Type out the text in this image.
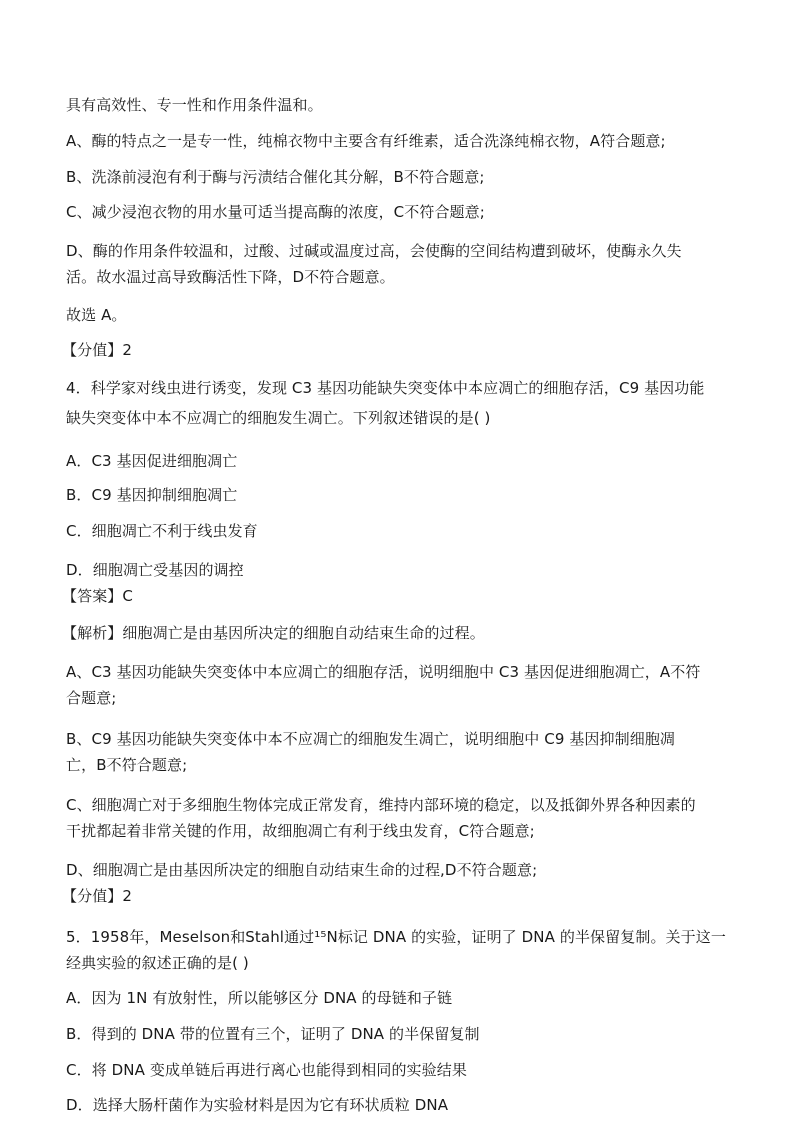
具有高效性、专一性和作用条件温和。
A、酶的特点之一是专一性，纯棉衣物中主要含有纤维素，适合洗涤纯棉衣物，A符合题意;
B、洗涤前浸泡有利于酶与污渍结合催化其分解，B不符合题意;
C、减少浸泡衣物的用水量可适当提高酶的浓度，C不符合题意;
D、酶的作用条件较温和，过酸、过碱或温度过高，会使酶的空间结构遭到破坏，使酶永久失
活。故水温过高导致酶活性下降，D不符合题意。
故选 A。
【分值】2
4．科学家对线虫进行诱变，发现 C3 基因功能缺失突变体中本应凋亡的细胞存活，C9 基因功能
缺失突变体中本不应凋亡的细胞发生凋亡。下列叙述错误的是( )
A．C3 基因促进细胞凋亡
B．C9 基因抑制细胞凋亡
C．细胞凋亡不利于线虫发育
D．细胞凋亡受基因的调控
【答案】C
【解析】细胞凋亡是由基因所决定的细胞自动结束生命的过程。
A、C3 基因功能缺失突变体中本应凋亡的细胞存活，说明细胞中 C3 基因促进细胞凋亡，A不符
合题意;
B、C9 基因功能缺失突变体中本不应凋亡的细胞发生凋亡，说明细胞中 C9 基因抑制细胞凋
亡，B不符合题意;
C、细胞凋亡对于多细胞生物体完成正常发育，维持内部环境的稳定，以及抵御外界各种因素的
干扰都起着非常关键的作用，故细胞凋亡有利于线虫发育，C符合题意;
D、细胞凋亡是由基因所决定的细胞自动结束生命的过程,D不符合题意;
【分值】2
5．1958年，Meselson和Stahl通过¹⁵N标记 DNA 的实验，证明了 DNA 的半保留复制。关于这一
经典实验的叙述正确的是( )
A．因为 1N 有放射性，所以能够区分 DNA 的母链和子链
B．得到的 DNA 带的位置有三个，证明了 DNA 的半保留复制
C．将 DNA 变成单链后再进行离心也能得到相同的实验结果
D．选择大肠杆菌作为实验材料是因为它有环状质粒 DNA
